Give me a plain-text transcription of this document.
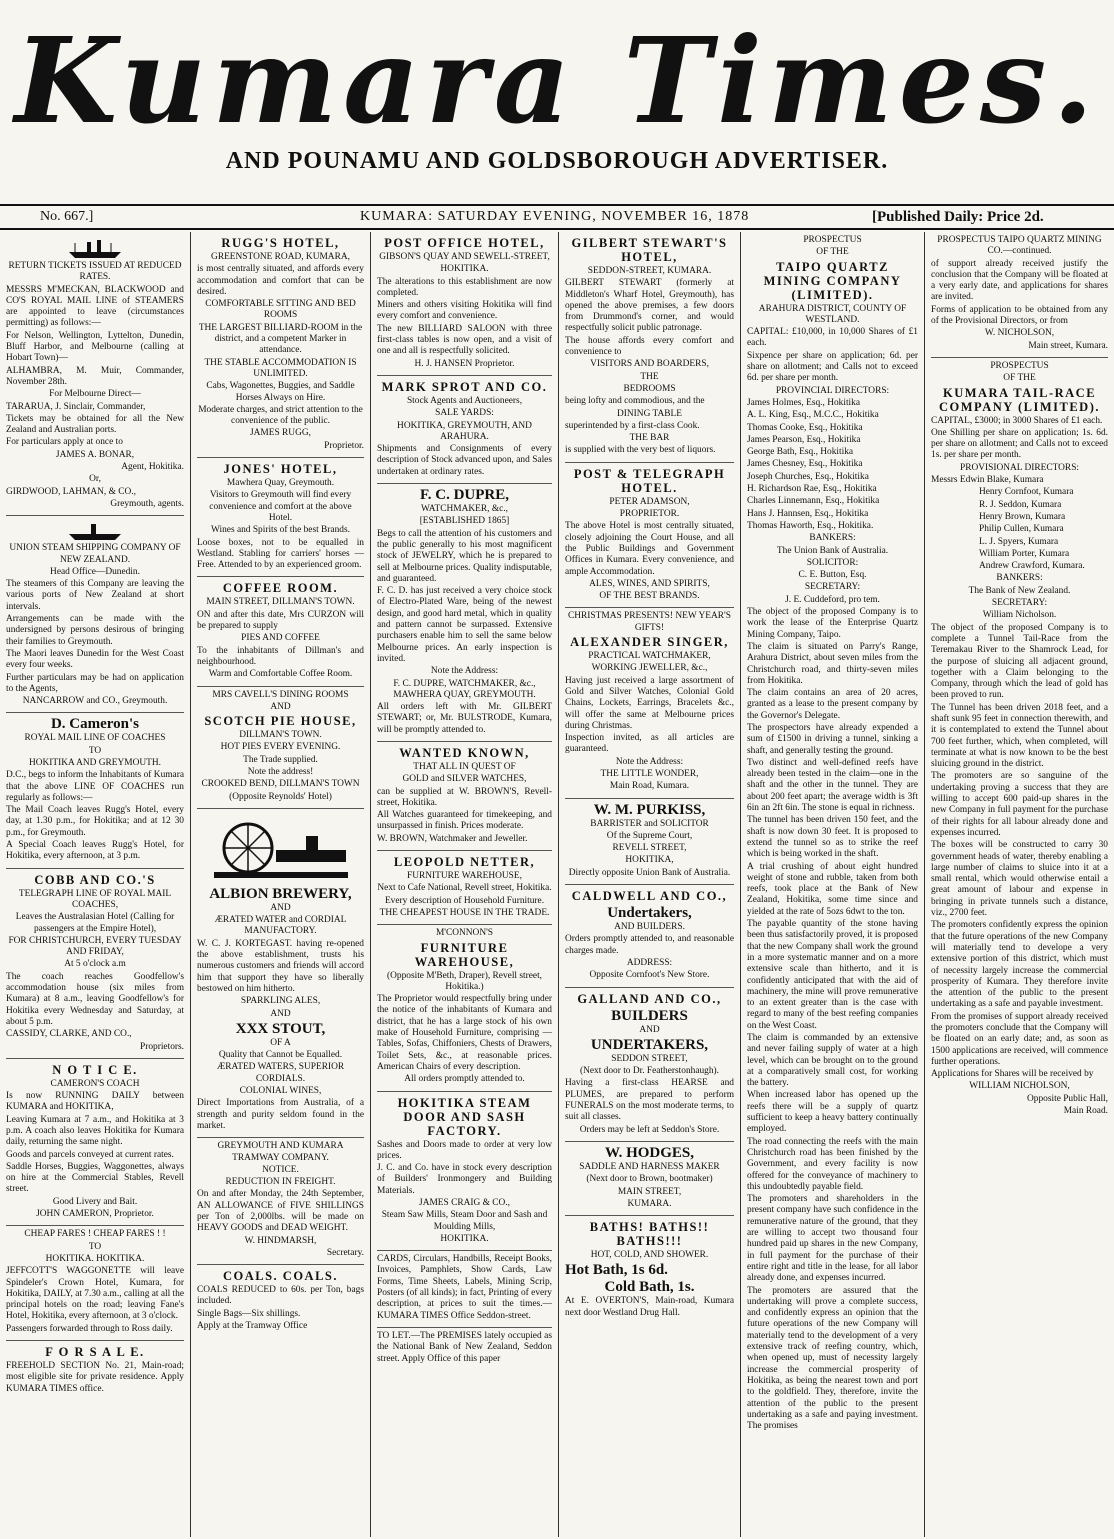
Kumara Times.
AND POUNAMU AND GOLDSBOROUGH ADVERTISER.
No. 667.]	KUMARA: SATURDAY EVENING, NOVEMBER 16, 1878	[Published Daily: Price 2d.

RETURN TICKETS ISSUED AT REDUCED RATES.

MESSRS M'MECKAN, BLACKWOOD and CO'S ROYAL MAIL LINE of STEAMERS are appointed to leave (circumstances permitting) as follows:—

For Nelson, Wellington, Lyttelton, Dunedin, Bluff Harbor, and Melbourne (calling at Hobart Town)—

ALHAMBRA, M. Muir, Commander, November 28th.

For Melbourne Direct—

TARARUA, J. Sinclair, Commander,

Tickets may be obtained for all the New Zealand and Australian ports.

For particulars apply at once to

JAMES A. BONAR,

Agent, Hokitika.

Or,

GIRDWOOD, LAHMAN, & CO.,

Greymouth, agents.

UNION STEAM SHIPPING COMPANY OF NEW ZEALAND.

Head Office—Dunedin.

The steamers of this Company are leaving the various ports of New Zealand at short intervals.

Arrangements can be made with the undersigned by persons desirous of bringing their families to Greymouth.

The Maori leaves Dunedin for the West Coast every four weeks.

Further particulars may be had on application to the Agents,

NANCARROW and CO., Greymouth.

D. Cameron's

ROYAL MAIL LINE OF COACHES

TO

HOKITIKA AND GREYMOUTH.

D.C., begs to inform the Inhabitants of Kumara that the above LINE OF COACHES run regularly as follows:—

The Mail Coach leaves Rugg's Hotel, every day, at 1.30 p.m., for Hokitika; and at 12 30 p.m., for Greymouth.

A Special Coach leaves Rugg's Hotel, for Hokitika, every afternoon, at 3 p.m.

COBB AND CO.'S

TELEGRAPH LINE OF ROYAL MAIL COACHES,

Leaves the Australasian Hotel (Calling for passengers at the Empire Hotel),

FOR CHRISTCHURCH, EVERY TUESDAY AND FRIDAY,

At 5 o'clock a.m

The coach reaches Goodfellow's accommodation house (six miles from Kumara) at 8 a.m., leaving Goodfellow's for Hokitika every Wednesday and Saturday, at about 5 p.m.

CASSIDY, CLARKE, AND CO.,

Proprietors.

N O T I C E.

CAMERON'S COACH

Is now RUNNING DAILY between KUMARA and HOKITIKA,

Leaving Kumara at 7 a.m., and Hokitika at 3 p.m. A coach also leaves Hokitika for Kumara daily, returning the same night.

Goods and parcels conveyed at current rates.

Saddle Horses, Buggies, Waggonettes, always on hire at the Commercial Stables, Revell street.

Good Livery and Bait.

JOHN CAMERON, Proprietor.

CHEAP FARES ! CHEAP FARES ! !

TO

HOKITIKA. HOKITIKA.

JEFFCOTT'S WAGGONETTE will leave Spindeler's Crown Hotel, Kumara, for Hokitika, DAILY, at 7.30 a.m., calling at all the principal hotels on the road; leaving Fane's Hotel, Hokitika, every afternoon, at 3 o'clock.

Passengers forwarded through to Ross daily.

F O R S A L E.

FREEHOLD SECTION No. 21, Main-road; most eligible site for private residence. Apply KUMARA TIMES office.

RUGG'S HOTEL,

GREENSTONE ROAD, KUMARA,

is most centrally situated, and affords every accommodation and comfort that can be desired.

COMFORTABLE SITTING AND BED ROOMS

THE LARGEST BILLIARD-ROOM in the district, and a competent Marker in attendance.

THE STABLE ACCOMMODATION IS UNLIMITED.

Cabs, Wagonettes, Buggies, and Saddle Horses Always on Hire.

Moderate charges, and strict attention to the convenience of the public.

JAMES RUGG,

Proprietor.

JONES' HOTEL,

Mawhera Quay, Greymouth.

Visitors to Greymouth will find every convenience and comfort at the above Hotel.

Wines and Spirits of the best Brands.

Loose boxes, not to be equalled in Westland. Stabling for carriers' horses —Free. Attended to by an experienced groom.

COFFEE ROOM.

MAIN STREET, DILLMAN'S TOWN.

ON and after this date, Mrs CURZON will be prepared to supply

PIES AND COFFEE

To the inhabitants of Dillman's and neighbourhood.

Warm and Comfortable Coffee Room.

MRS CAVELL'S DINING ROOMS

AND

SCOTCH PIE HOUSE,

DILLMAN'S TOWN.

HOT PIES EVERY EVENING.

The Trade supplied.

Note the address!

CROOKED BEND, DILLMAN'S TOWN

(Opposite Reynolds' Hotel)

ALBION BREWERY,

AND

ÆRATED WATER and CORDIAL MANUFACTORY.

W. C. J. KORTEGAST. having re-opened the above establishment, trusts his numerous customers and friends will accord him that support they have so liberally bestowed on him hitherto.

SPARKLING ALES,

AND

XXX STOUT,

OF A

Quality that Cannot be Equalled.

ÆRATED WATERS, SUPERIOR CORDIALS.

COLONIAL WINES,

Direct Importations from Australia, of a strength and purity seldom found in the market.

GREYMOUTH AND KUMARA TRAMWAY COMPANY.

NOTICE.

REDUCTION IN FREIGHT.

On and after Monday, the 24th September, AN ALLOWANCE of FIVE SHILLINGS per Ton of 2,000lbs. will be made on HEAVY GOODS and DEAD WEIGHT.

W. HINDMARSH,

Secretary.

COALS. COALS.

COALS REDUCED to 60s. per Ton, bags included.

Single Bags—Six shillings.

Apply at the Tramway Office

POST OFFICE HOTEL,

GIBSON'S QUAY AND SEWELL-STREET,

HOKITIKA.

The alterations to this establishment are now completed.

Miners and others visiting Hokitika will find every comfort and convenience.

The new BILLIARD SALOON with three first-class tables is now open, and a visit of one and all is respectfully solicited.

H. J. HANSEN Proprietor.

MARK SPROT AND CO.

Stock Agents and Auctioneers,

SALE YARDS:

HOKITIKA, GREYMOUTH, AND ARAHURA.

Shipments and Consignments of every description of Stock advanced upon, and Sales undertaken at ordinary rates.

F. C. DUPRE,

WATCHMAKER, &c.,

[ESTABLISHED 1865]

Begs to call the attention of his customers and the public generally to his most magnificent stock of JEWELRY, which he is prepared to sell at Melbourne prices. Quality indisputable, and guaranteed.

F. C. D. has just received a very choice stock of Electro-Plated Ware, being of the newest design, and good hard metal, which in quality and pattern cannot be surpassed. Extensive purchasers enable him to sell the same below Melbourne prices. An early inspection is invited.

Note the Address:

F. C. DUPRE, WATCHMAKER, &c., MAWHERA QUAY, GREYMOUTH.

All orders left with Mr. GILBERT STEWART; or, Mr. BULSTRODE, Kumara, will be promptly attended to.

WANTED KNOWN,

THAT ALL IN QUEST OF

GOLD and SILVER WATCHES,

can be supplied at W. BROWN'S, Revell-street, Hokitika.

All Watches guaranteed for timekeeping, and unsurpassed in finish. Prices moderate.

W. BROWN, Watchmaker and Jeweller.

LEOPOLD NETTER,

FURNITURE WAREHOUSE,

Next to Cafe National, Revell street, Hokitika.

Every description of Household Furniture.

THE CHEAPEST HOUSE IN THE TRADE.

M'CONNON'S

FURNITURE WAREHOUSE,

(Opposite M'Beth, Draper), Revell street, Hokitika.)

The Proprietor would respectfully bring under the notice of the inhabitants of Kumara and district, that he has a large stock of his own make of Household Furniture, comprising — Tables, Sofas, Chiffoniers, Chests of Drawers, Toilet Sets, &c., at reasonable prices. American Chairs of every description.

All orders promptly attended to.

HOKITIKA STEAM DOOR AND SASH FACTORY.

Sashes and Doors made to order at very low prices.

J. C. and Co. have in stock every description of Builders' Ironmongery and Building Materials.

JAMES CRAIG & CO.,

Steam Saw Mills, Steam Door and Sash and Moulding Mills,

HOKITIKA.

CARDS, Circulars, Handbills, Receipt Books, Invoices, Pamphlets, Show Cards, Law Forms, Time Sheets, Labels, Mining Scrip, Posters (of all kinds); in fact, Printing of every description, at prices to suit the times.— KUMARA TIMES Office Seddon-street.

TO LET.—The PREMISES lately occupied as the National Bank of New Zealand, Seddon street. Apply Office of this paper

GILBERT STEWART'S HOTEL,

SEDDON-STREET, KUMARA.

GILBERT STEWART (formerly at Middleton's Wharf Hotel, Greymouth), has opened the above premises, a few doors from Drummond's corner, and would respectfully solicit public patronage.

The house affords every comfort and convenience to

VISITORS AND BOARDERS,

THE

BEDROOMS

being lofty and commodious, and the

DINING TABLE

superintended by a first-class Cook.

THE BAR

is supplied with the very best of liquors.

POST & TELEGRAPH HOTEL.

PETER ADAMSON,

PROPRIETOR.

The above Hotel is most centrally situated, closely adjoining the Court House, and all the Public Buildings and Government Offices in Kumara. Every convenience, and ample Accommodation.

ALES, WINES, AND SPIRITS,

OF THE BEST BRANDS.

CHRISTMAS PRESENTS! NEW YEAR'S GIFTS!

ALEXANDER SINGER,

PRACTICAL WATCHMAKER,

WORKING JEWELLER, &c.,

Having just received a large assortment of Gold and Silver Watches, Colonial Gold Chains, Lockets, Earrings, Bracelets &c., will offer the same at Melbourne prices during Christmas.

Inspection invited, as all articles are guaranteed.

Note the Address:

THE LITTLE WONDER,

Main Road, Kumara.

W. M. PURKISS,

BARRISTER and SOLICITOR

Of the Supreme Court,

REVELL STREET,

HOKITIKA,

Directly opposite Union Bank of Australia.

CALDWELL AND CO.,
Undertakers,

AND BUILDERS.

Orders promptly attended to, and reasonable charges made.

ADDRESS:

Opposite Cornfoot's New Store.

GALLAND AND CO.,
BUILDERS

AND

UNDERTAKERS,

SEDDON STREET,

(Next door to Dr. Featherstonhaugh).

Having a first-class HEARSE and PLUMES, are prepared to perform FUNERALS on the most moderate terms, to suit all classes.

Orders may be left at Seddon's Store.

W. HODGES,

SADDLE AND HARNESS MAKER

(Next door to Brown, bootmaker)

MAIN STREET,

KUMARA.

BATHS! BATHS!! BATHS!!!

HOT, COLD, AND SHOWER.

Hot Bath, 1s 6d.
Cold Bath, 1s.

At E. OVERTON'S, Main-road, Kumara next door Westland Drug Hall.

PROSPECTUS

OF THE

TAIPO QUARTZ MINING COMPANY (LIMITED).

ARAHURA DISTRICT, COUNTY OF WESTLAND.

CAPITAL: £10,000, in 10,000 Shares of £1 each.

Sixpence per share on application; 6d. per share on allotment; and Calls not to exceed 6d. per share per month.

PROVINCIAL DIRECTORS:

James Holmes, Esq., Hokitika

A. L. King, Esq., M.C.C., Hokitika

Thomas Cooke, Esq., Hokitika

James Pearson, Esq., Hokitika

George Bath, Esq., Hokitika

James Chesney, Esq., Hokitika

Joseph Churches, Esq., Hokitika

H. Richardson Rae, Esq., Hokitika

Charles Linnemann, Esq., Hokitika

Hans J. Hannsen, Esq., Hokitika

Thomas Haworth, Esq., Hokitika.

BANKERS:

The Union Bank of Australia.

SOLICITOR:

C. E. Button, Esq.

SECRETARY:

J. E. Cuddeford, pro tem.

The object of the proposed Company is to work the lease of the Enterprise Quartz Mining Company, Taipo.

The claim is situated on Parry's Range, Arahura District, about seven miles from the Christchurch road, and thirty-seven miles from Hokitika.

The claim contains an area of 20 acres, granted as a lease to the present company by the Governor's Delegate.

The prospectors have already expended a sum of £1500 in driving a tunnel, sinking a shaft, and generally testing the ground.

Two distinct and well-defined reefs have already been tested in the claim—one in the shaft and the other in the tunnel. They are about 200 feet apart; the average width is 3ft 6in an 2ft 6in. The stone is equal in richness.

The tunnel has been driven 150 feet, and the shaft is now down 30 feet. It is proposed to extend the tunnel so as to strike the reef which is being worked in the shaft.

A trial crushing of about eight hundred weight of stone and rubble, taken from both reefs, took place at the Bank of New Zealand, Hokitika, some time since and yielded at the rate of 5ozs 6dwt to the ton.

The payable quantity of the stone having been thus satisfactorily proved, it is proposed that the new Company shall work the ground in a more systematic manner and on a more extensive scale than hitherto, and it is confidently anticipated that with the aid of machinery, the mine will prove remunerative to an extent greater than is the case with regard to many of the best reefing companies on the West Coast.

The claim is commanded by an extensive and never failing supply of water at a high level, which can be brought on to the ground at a comparatively small cost, for working the battery.

When increased labor has opened up the reefs there will be a supply of quartz sufficient to keep a heavy battery continually employed.

The road connecting the reefs with the main Christchurch road has been finished by the Government, and every facility is now offered for the conveyance of machinery to this undoubtedly payable field.

The promoters and shareholders in the present company have such confidence in the remunerative nature of the ground, that they are willing to accept two thousand four hundred paid up shares in the new Company, in full payment for the purchase of their entire right and title in the lease, for all labor already done, and expenses incurred.

The promoters are assured that the undertaking will prove a complete success, and confidently express an opinion that the future operations of the new Company will materially tend to the development of a very extensive track of reefing country, which, when opened up, must of necessity largely increase the commercial prosperity of Hokitika, as being the nearest town and port to the goldfield. They, therefore, invite the attention of the public to the present undertaking as a safe and paying investment. The promises

PROSPECTUS TAIPO QUARTZ MINING CO.—continued.

of support already received justify the conclusion that the Company will be floated at a very early date, and applications for shares are invited.

Forms of application to be obtained from any of the Provisional Directors, or from

W. NICHOLSON,

Main street, Kumara.

PROSPECTUS

OF THE

KUMARA TAIL-RACE COMPANY (LIMITED).

CAPITAL, £3000; in 3000 Shares of £1 each.

One Shilling per share on application; 1s. 6d. per share on allotment; and Calls not to exceed 1s. per share per month.

PROVISIONAL DIRECTORS:

Messrs Edwin Blake, Kumara

Henry Cornfoot, Kumara

R. J. Seddon, Kumara

Henry Brown, Kumara

Philip Cullen, Kumara

L. J. Spyers, Kumara

William Porter, Kumara

Andrew Crawford, Kumara.

BANKERS:

The Bank of New Zealand.

SECRETARY:

William Nicholson.

The object of the proposed Company is to complete a Tunnel Tail-Race from the Teremakau River to the Shamrock Lead, for the purpose of sluicing all adjacent ground, together with a Claim belonging to the Company, through which the lead of gold has been proved to run.

The Tunnel has been driven 2018 feet, and a shaft sunk 95 feet in connection therewith, and it is contemplated to extend the Tunnel about 700 feet further, which, when completed, will terminate at what is now known to be the best sluicing ground in the district.

The promoters are so sanguine of the undertaking proving a success that they are willing to accept 600 paid-up shares in the new Company in full payment for the purchase of their rights for all labour already done and expenses incurred.

The boxes will be constructed to carry 30 government heads of water, thereby enabling a large number of claims to sluice into it at a small rental, which would otherwise entail a great amount of labour and expense in bringing in private tunnels such a distance, viz., 2700 feet.

The promoters confidently express the opinion that the future operations of the new Company will materially tend to develope a very extensive portion of this district, which must of necessity largely increase the commercial prosperity of Kumara. They therefore invite the attention of the public to the present undertaking as a safe and payable investment.

From the promises of support already received the promoters conclude that the Company will be floated on an early date; and, as soon as 1500 applications are received, will commence further operations.

Applications for Shares will be received by

WILLIAM NICHOLSON,

Opposite Public Hall,

Main Road.
